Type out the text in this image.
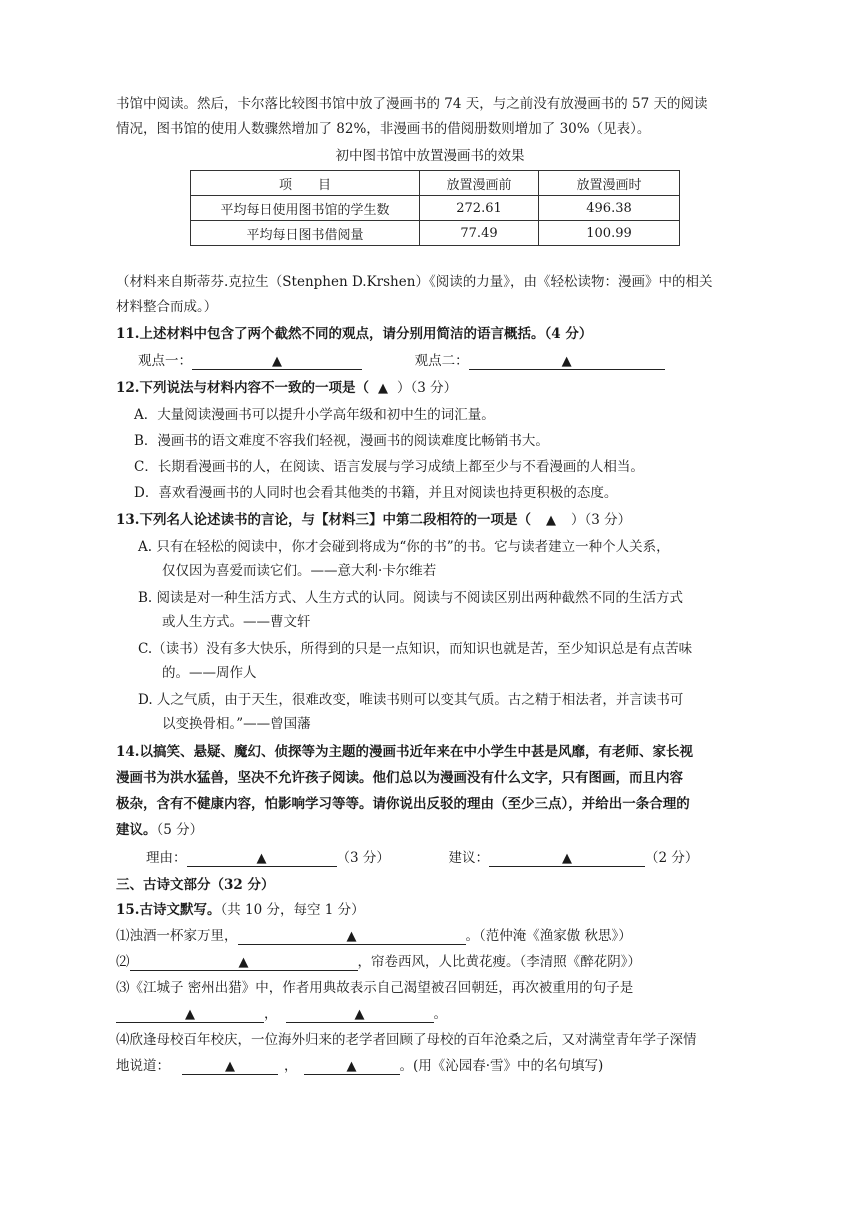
书馆中阅读。然后，卡尔落比较图书馆中放了漫画书的 74 天，与之前没有放漫画书的 57 天的阅读
情况，图书馆的使用人数骤然增加了 82%，非漫画书的借阅册数则增加了 30%（见表）。
初中图书馆中放置漫画书的效果
项　　目	放置漫画前	放置漫画时
平均每日使用图书馆的学生数	272.61	496.38
平均每日图书借阅量	77.49	100.99
（材料来自斯蒂芬.克拉生（Stenphen D.Krshen）《阅读的力量》，由《轻松读物：漫画》中的相关
材料整合而成。）
11.上述材料中包含了两个截然不同的观点，请分别用简洁的语言概括。（4 分）
观点一：	▲	观点二：	▲
12.下列说法与材料内容不一致的一项是（ ▲ ）（3 分）
A．大量阅读漫画书可以提升小学高年级和初中生的词汇量。
B．漫画书的语文难度不容我们轻视，漫画书的阅读难度比畅销书大。
C．长期看漫画书的人，在阅读、语言发展与学习成绩上都至少与不看漫画的人相当。
D．喜欢看漫画书的人同时也会看其他类的书籍，并且对阅读也持更积极的态度。
13.下列名人论述读书的言论，与【材料三】中第二段相符的一项是（ ▲ ）（3 分）
A. 只有在轻松的阅读中，你才会碰到将成为“你的书”的书。它与读者建立一种个人关系，
仅仅因为喜爱而读它们。——意大利·卡尔维若
B. 阅读是对一种生活方式、人生方式的认同。阅读与不阅读区别出两种截然不同的生活方式
或人生方式。——曹文轩
C.（读书）没有多大快乐，所得到的只是一点知识，而知识也就是苦，至少知识总是有点苦味
的。——周作人
D. 人之气质，由于天生，很难改变，唯读书则可以变其气质。古之精于相法者，并言读书可
以变换骨相。”——曾国藩
14.以搞笑、悬疑、魔幻、侦探等为主题的漫画书近年来在中小学生中甚是风靡，有老师、家长视
漫画书为洪水猛兽，坚决不允许孩子阅读。他们总以为漫画没有什么文字，只有图画，而且内容
极杂，含有不健康内容，怕影响学习等等。请你说出反驳的理由（至少三点），并给出一条合理的
建议。（5 分）
理由：	▲	（3 分）	建议：	▲	（2 分）
三、古诗文部分（32 分）
15.古诗文默写。（共 10 分，每空 1 分）
⑴浊酒一杯家万里，	▲	。（范仲淹《渔家傲 秋思》）
⑵	▲	，帘卷西风，人比黄花瘦。（李清照《醉花阴》）
⑶《江城子 密州出猎》中，作者用典故表示自己渴望被召回朝廷，再次被重用的句子是
▲	，	▲	。
⑷欣逢母校百年校庆，一位海外归来的老学者回顾了母校的百年沧桑之后，又对满堂青年学子深情
地说道：	▲	，	▲	。(用《沁园春·雪》中的名句填写)
